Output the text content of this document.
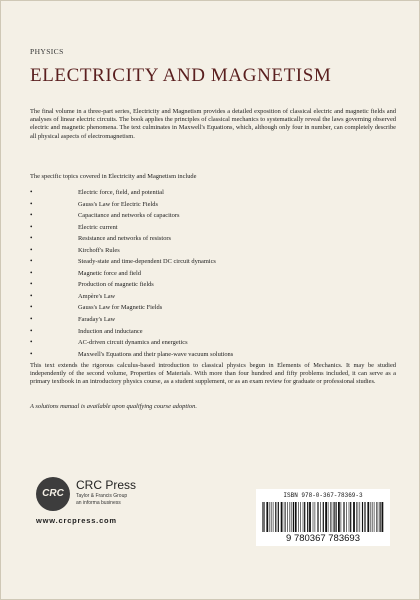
PHYSICS
ELECTRICITY AND MAGNETISM

The final volume in a three-part series, Electricity and Magnetism provides a detailed exposition of classical electric and magnetic fields and analyses of linear electric circuits. The book applies the principles of classical mechanics to systematically reveal the laws governing observed electric and magnetic phenomena. The text culminates in Maxwell's Equations, which, although only four in number, can completely describe all physical aspects of electromagnetism.

The specific topics covered in Electricity and Magnetism include

•	Electric force, field, and potential
•	Gauss's Law for Electric Fields
•	Capacitance and networks of capacitors
•	Electric current
•	Resistance and networks of resistors
•	Kirchoff's Rules
•	Steady-state and time-dependent DC circuit dynamics
•	Magnetic force and field
•	Production of magnetic fields
•	Ampère's Law
•	Gauss's Law for Magnetic Fields
•	Faraday's Law
•	Induction and inductance
•	AC-driven circuit dynamics and energetics
•	Maxwell's Equations and their plane-wave vacuum solutions

This text extends the rigorous calculus-based introduction to classical physics begun in Elements of Mechanics. It may be studied independently of the second volume, Properties of Materials. With more than four hundred and fifty problems included, it can serve as a primary textbook in an introductory physics course, as a student supplement, or as an exam review for graduate or professional studies.

A solutions manual is available upon qualifying course adoption.

CRC
CRC Press
Taylor & Francis Group
an informa business
www.crcpress.com
ISBN 978-0-367-78369-3
9 780367 783693
